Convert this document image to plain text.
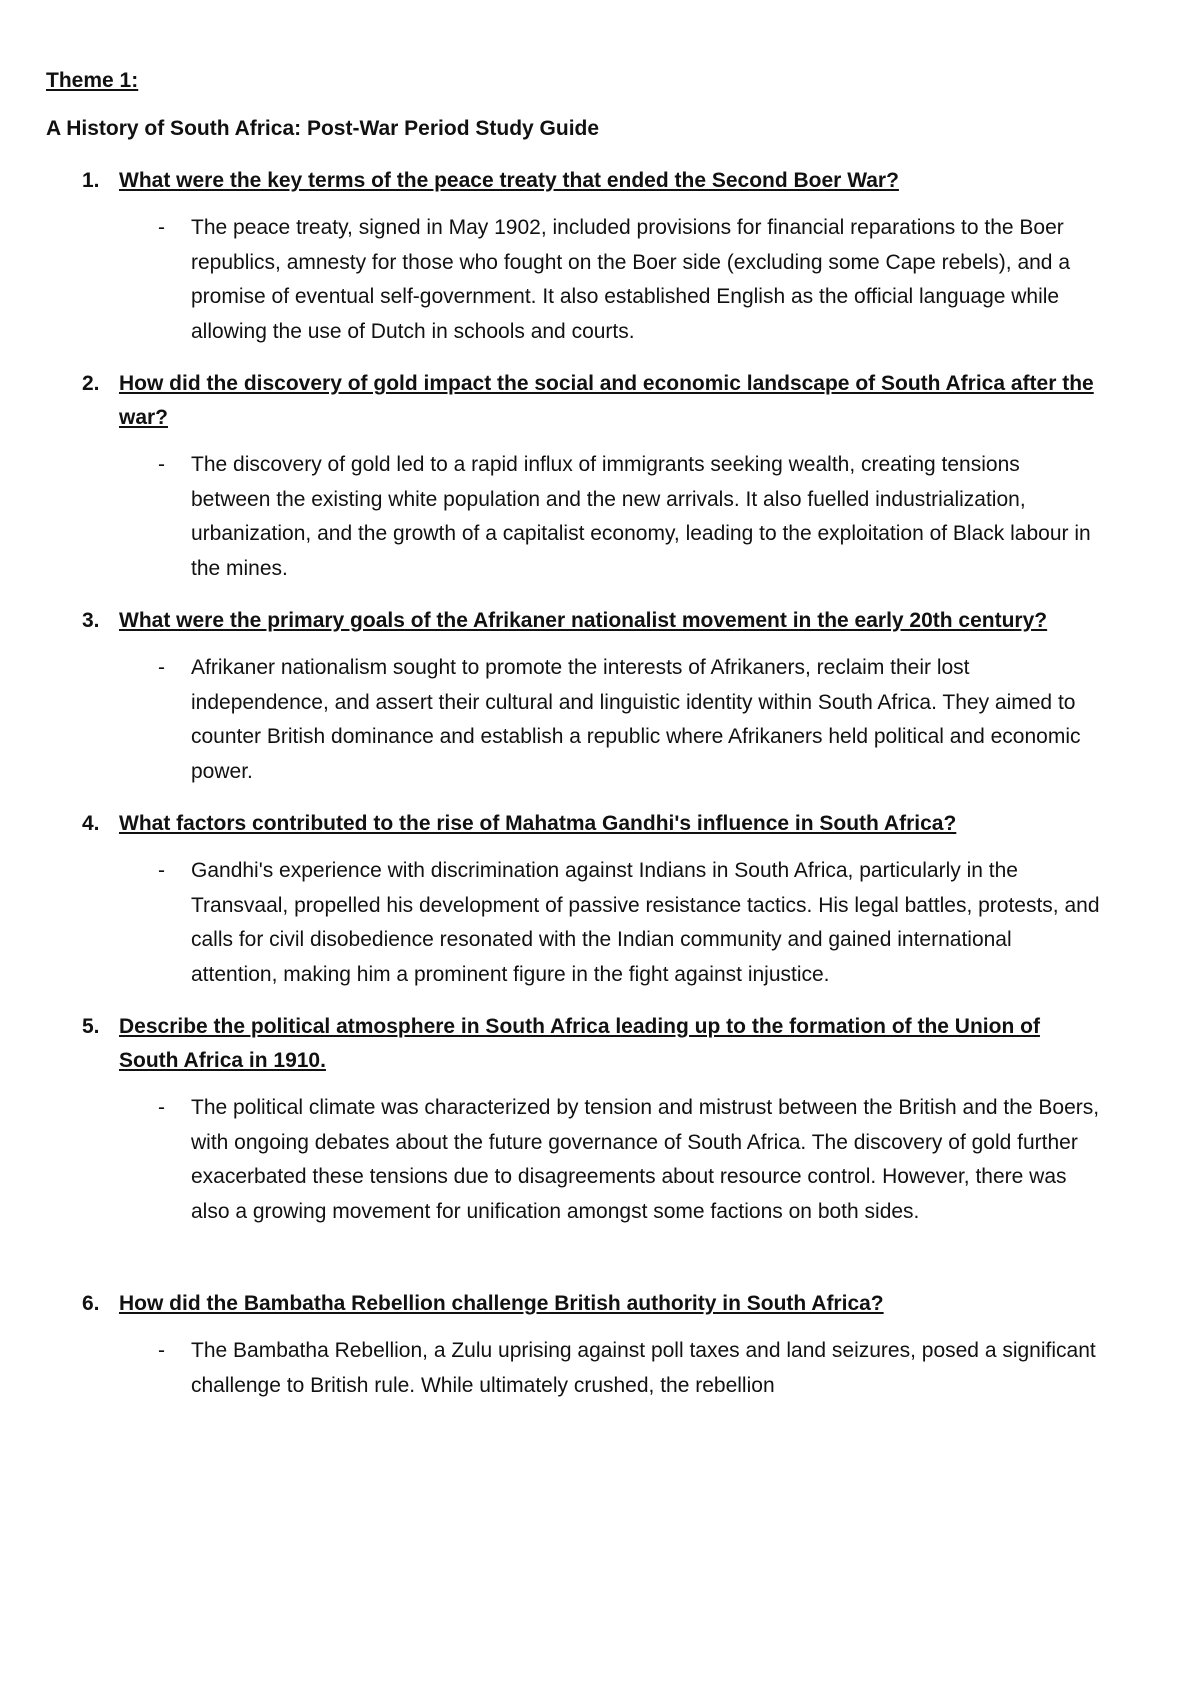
Theme 1:
A History of South Africa: Post-War Period Study Guide
1. What were the key terms of the peace treaty that ended the Second Boer War?
-	The peace treaty, signed in May 1902, included provisions for financial reparations to the Boer republics, amnesty for those who fought on the Boer side (excluding some Cape rebels), and a promise of eventual self-government. It also established English as the official language while allowing the use of Dutch in schools and courts.
2. How did the discovery of gold impact the social and economic landscape of South Africa after the war?
-	The discovery of gold led to a rapid influx of immigrants seeking wealth, creating tensions between the existing white population and the new arrivals. It also fuelled industrialization, urbanization, and the growth of a capitalist economy, leading to the exploitation of Black labour in the mines.
3. What were the primary goals of the Afrikaner nationalist movement in the early 20th century?
-	Afrikaner nationalism sought to promote the interests of Afrikaners, reclaim their lost independence, and assert their cultural and linguistic identity within South Africa. They aimed to counter British dominance and establish a republic where Afrikaners held political and economic power.
4. What factors contributed to the rise of Mahatma Gandhi's influence in South Africa?
-	Gandhi's experience with discrimination against Indians in South Africa, particularly in the Transvaal, propelled his development of passive resistance tactics. His legal battles, protests, and calls for civil disobedience resonated with the Indian community and gained international attention, making him a prominent figure in the fight against injustice.
5. Describe the political atmosphere in South Africa leading up to the formation of the Union of South Africa in 1910.
-	The political climate was characterized by tension and mistrust between the British and the Boers, with ongoing debates about the future governance of South Africa. The discovery of gold further exacerbated these tensions due to disagreements about resource control. However, there was also a growing movement for unification amongst some factions on both sides.
6. How did the Bambatha Rebellion challenge British authority in South Africa?
-	The Bambatha Rebellion, a Zulu uprising against poll taxes and land seizures, posed a significant challenge to British rule. While ultimately crushed, the rebellion
